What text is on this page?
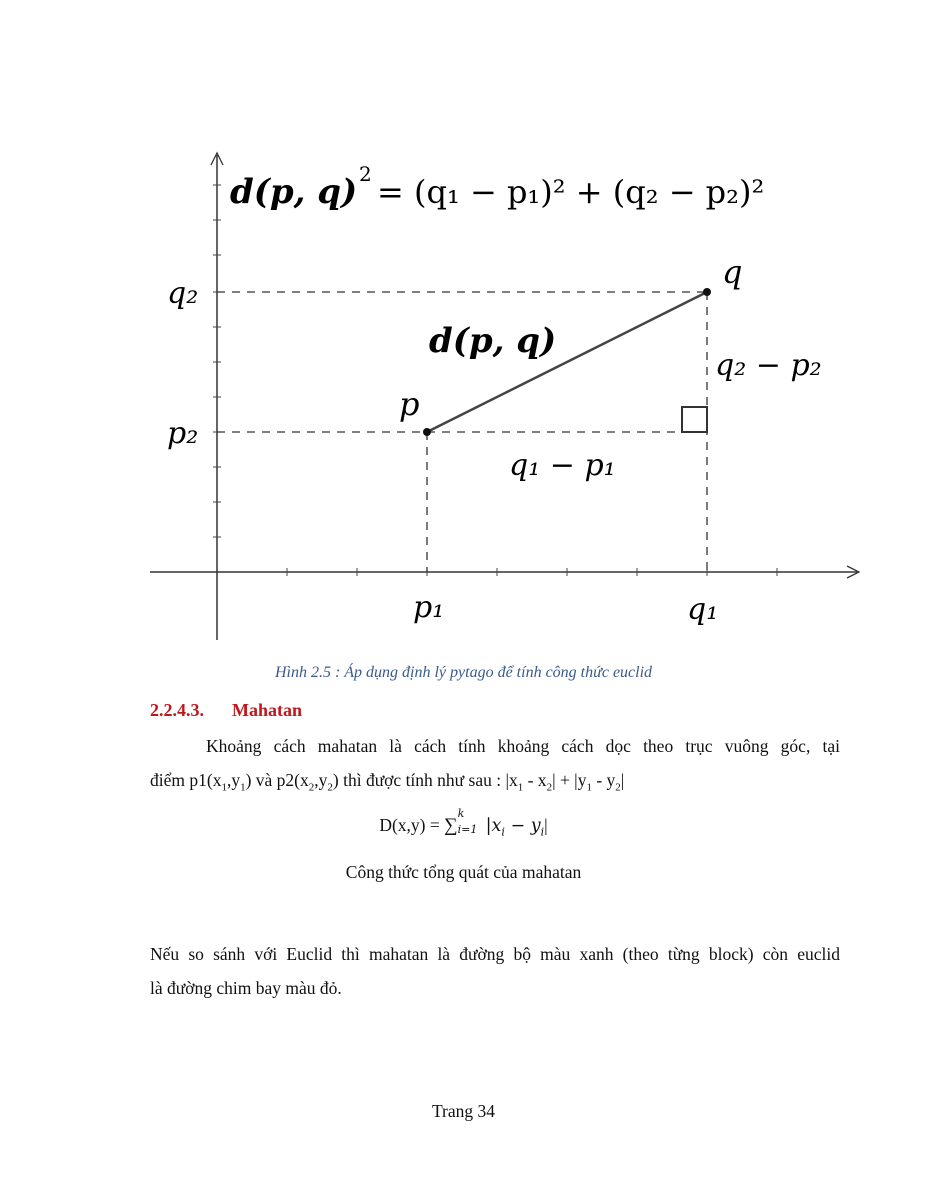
d(p, q) 2 = (q₁ − p₁)² + (q₂ − p₂)²
q₂
p₂
p₁	q₁
p
q
d(p, q)
q₂ − p₂
q₁ − p₁
Hình 2.5 : Áp dụng định lý pytago để tính công thức euclid
2.2.4.3. Mahatan
Khoảng cách mahatan là cách tính khoảng cách dọc theo trục vuông góc, tại
điểm $p1(x_1,y_1)$ và $p2(x_2,y_2)$ thì được tính như sau : $|x_1 - x_2| + |y_1 - y_2|$
D(x,y) = ∑
k
i=1 $|x_i - y_i|$
Công thức tổng quát của mahatan
Nếu so sánh với Euclid thì mahatan là đường bộ màu xanh (theo từng block) còn euclid
là đường chim bay màu đỏ.
Trang 34
